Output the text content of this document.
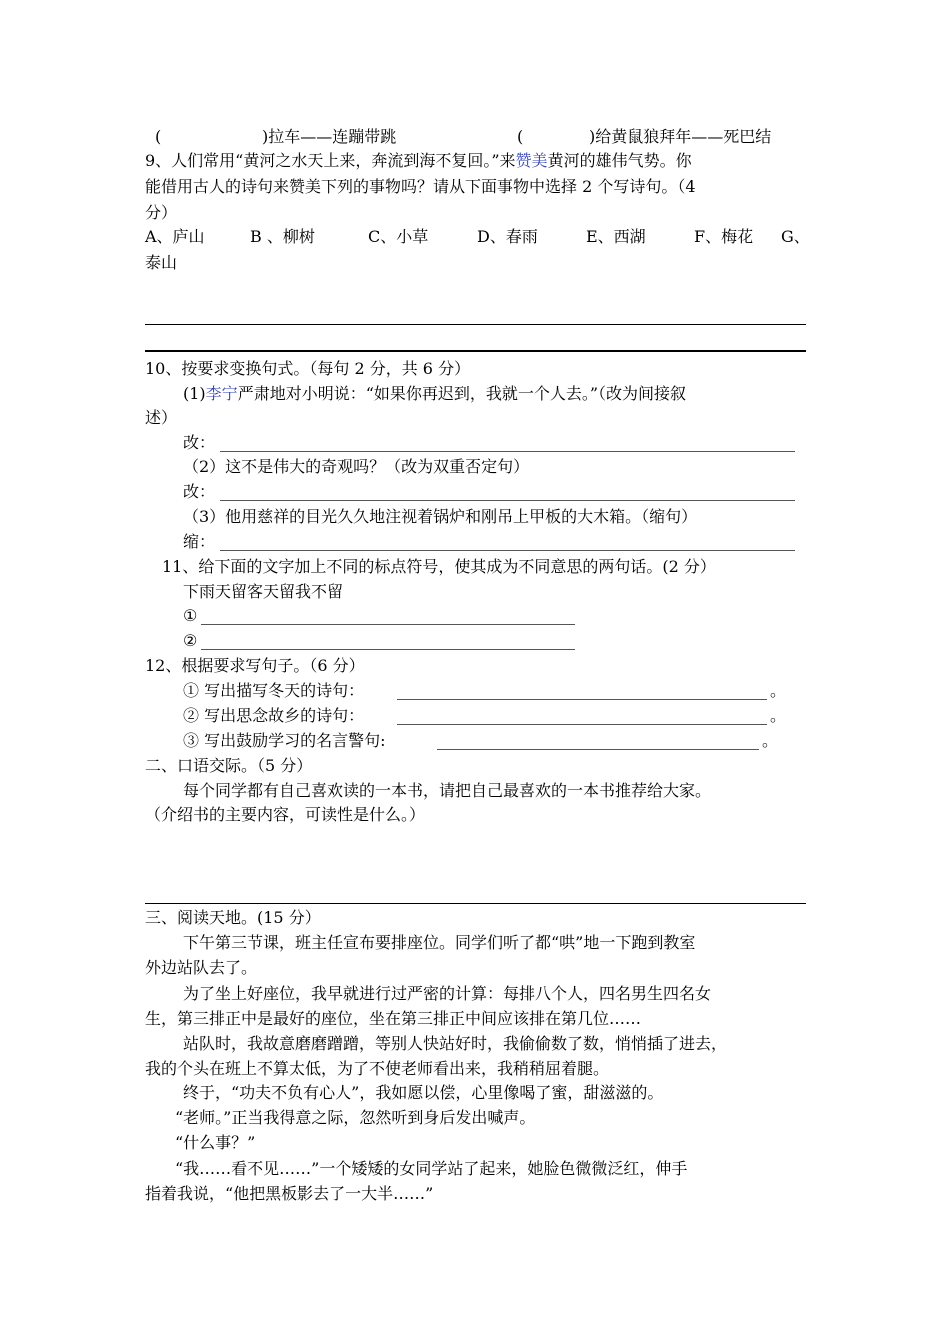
(	)拉车——连蹦带跳	(	)给黄鼠狼拜年——死巴结
9、人们常用“黄河之水天上来，奔流到海不复回。”来赞美黄河的雄伟气势。你
能借用古人的诗句来赞美下列的事物吗？请从下面事物中选择 2 个写诗句。（4
分）
A、庐山	B 、柳树	C、小草	D、春雨	E、西湖	F、梅花 G、
泰山
10、按要求变换句式。（每句 2 分，共 6 分）
(1)李宁严肃地对小明说：“如果你再迟到，我就一个人去。”（改为间接叙
述）
改：
（2）这不是伟大的奇观吗？（改为双重否定句）
改：
（3）他用慈祥的目光久久地注视着锅炉和刚吊上甲板的大木箱。（缩句）
缩：
11、给下面的文字加上不同的标点符号，使其成为不同意思的两句话。(2 分）
下雨天留客天留我不留
①
②
12、根据要求写句子。（6 分）
① 写出描写冬天的诗句：	。
② 写出思念故乡的诗句：	。
③ 写出鼓励学习的名言警句:	。
二、口语交际。（5 分）
每个同学都有自己喜欢读的一本书，请把自己最喜欢的一本书推荐给大家。
（介绍书的主要内容，可读性是什么。）
三、阅读天地。(15 分）
下午第三节课，班主任宣布要排座位。同学们听了都“哄”地一下跑到教室
外边站队去了。
为了坐上好座位，我早就进行过严密的计算：每排八个人，四名男生四名女
生，第三排正中是最好的座位，坐在第三排正中间应该排在第几位……
站队时，我故意磨磨蹭蹭，等别人快站好时，我偷偷数了数，悄悄插了进去，
我的个头在班上不算太低，为了不使老师看出来，我稍稍屈着腿。
终于，“功夫不负有心人”，我如愿以偿，心里像喝了蜜，甜滋滋的。
“老师。”正当我得意之际，忽然听到身后发出喊声。
“什么事？”
“我……看不见……”一个矮矮的女同学站了起来，她脸色微微泛红，伸手
指着我说，“他把黑板影去了一大半……”
